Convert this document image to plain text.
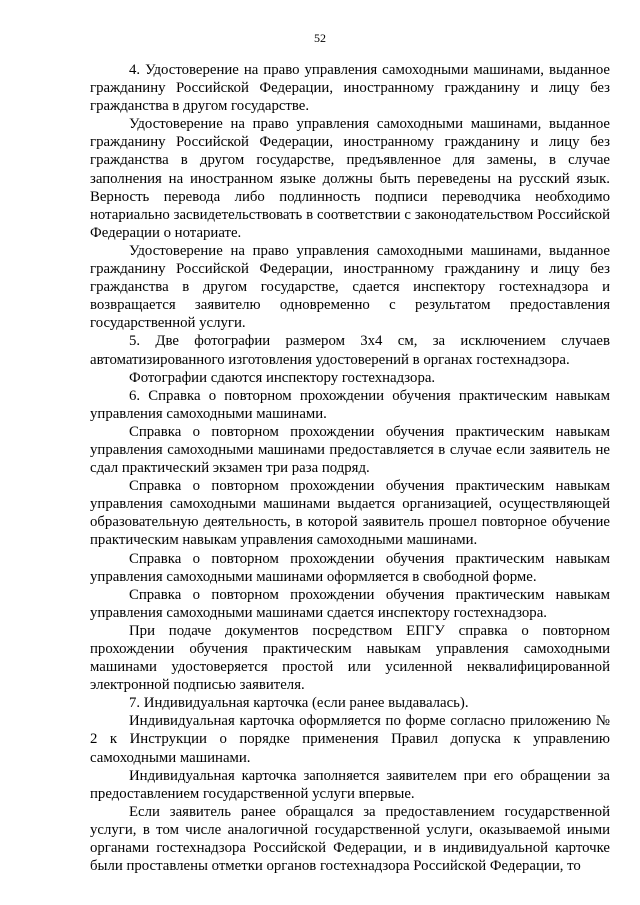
52

4. Удостоверение на право управления самоходными машинами, выданное гражданину Российской Федерации, иностранному гражданину и лицу без гражданства в другом государстве.

Удостоверение на право управления самоходными машинами, выданное гражданину Российской Федерации, иностранному гражданину и лицу без гражданства в другом государстве, предъявленное для замены, в случае заполнения на иностранном языке должны быть переведены на русский язык. Верность перевода либо подлинность подписи переводчика необходимо нотариально засвидетельствовать в соответствии с законодательством Российской Федерации о нотариате.

Удостоверение на право управления самоходными машинами, выданное гражданину Российской Федерации, иностранному гражданину и лицу без гражданства в другом государстве, сдается инспектору гостехнадзора и возвращается заявителю одновременно с результатом предоставления государственной услуги.

5. Две фотографии размером 3x4 см, за исключением случаев автоматизированного изготовления удостоверений в органах гостехнадзора.

Фотографии сдаются инспектору гостехнадзора.

6. Справка о повторном прохождении обучения практическим навыкам управления самоходными машинами.

Справка о повторном прохождении обучения практическим навыкам управления самоходными машинами предоставляется в случае если заявитель не сдал практический экзамен три раза подряд.

Справка о повторном прохождении обучения практическим навыкам управления самоходными машинами выдается организацией, осуществляющей образовательную деятельность, в которой заявитель прошел повторное обучение практическим навыкам управления самоходными машинами.

Справка о повторном прохождении обучения практическим навыкам управления самоходными машинами оформляется в свободной форме.

Справка о повторном прохождении обучения практическим навыкам управления самоходными машинами сдается инспектору гостехнадзора.

При подаче документов посредством ЕПГУ справка о повторном прохождении обучения практическим навыкам управления самоходными машинами удостоверяется простой или усиленной неквалифицированной электронной подписью заявителя.

7. Индивидуальная карточка (если ранее выдавалась).

Индивидуальная карточка оформляется по форме согласно приложению № 2 к Инструкции о порядке применения Правил допуска к управлению самоходными машинами.

Индивидуальная карточка заполняется заявителем при его обращении за предоставлением государственной услуги впервые.

Если заявитель ранее обращался за предоставлением государственной услуги, в том числе аналогичной государственной услуги, оказываемой иными органами гостехнадзора Российской Федерации, и в индивидуальной карточке были проставлены отметки органов гостехнадзора Российской Федерации, то
